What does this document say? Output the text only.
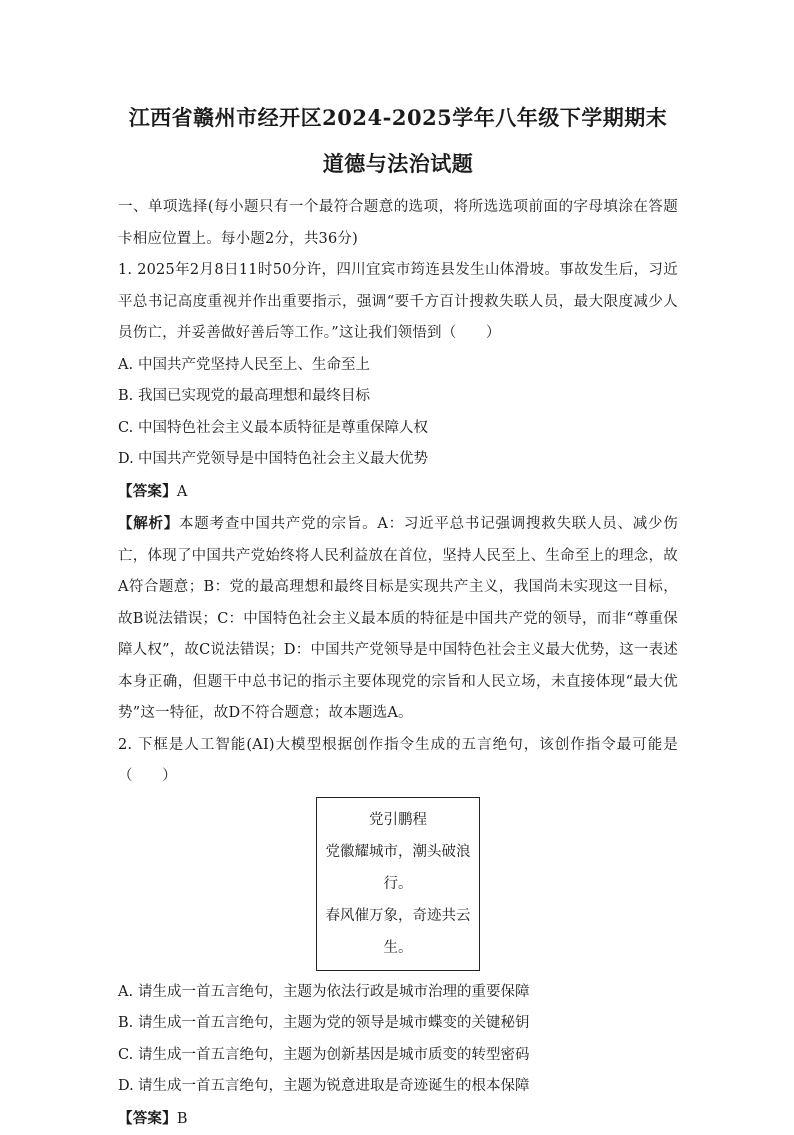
江西省赣州市经开区2024-2025学年八年级下学期期末
道德与法治试题

一、单项选择(每小题只有一个最符合题意的选项，将所选选项前面的字母填涂在答题卡相应位置上。每小题2分，共36分)

1. 2025年2月8日11时50分许，四川宜宾市筠连县发生山体滑坡。事故发生后，习近平总书记高度重视并作出重要指示，强调“要千方百计搜救失联人员，最大限度减少人员伤亡，并妥善做好善后等工作。”这让我们领悟到（　　）

A. 中国共产党坚持人民至上、生命至上

B. 我国已实现党的最高理想和最终目标

C. 中国特色社会主义最本质特征是尊重保障人权

D. 中国共产党领导是中国特色社会主义最大优势

【答案】A

【解析】本题考查中国共产党的宗旨。A：习近平总书记强调搜救失联人员、减少伤亡，体现了中国共产党始终将人民利益放在首位，坚持人民至上、生命至上的理念，故A符合题意；B：党的最高理想和最终目标是实现共产主义，我国尚未实现这一目标，故B说法错误；C：中国特色社会主义最本质的特征是中国共产党的领导，而非“尊重保障人权”，故C说法错误；D：中国共产党领导是中国特色社会主义最大优势，这一表述本身正确，但题干中总书记的指示主要体现党的宗旨和人民立场，未直接体现“最大优势”这一特征，故D不符合题意；故本题选A。

2. 下框是人工智能(AI)大模型根据创作指令生成的五言绝句，该创作指令最可能是（　　）

党引鹏程

党徽耀城市，潮头破浪行。

春风催万象，奇迹共云生。

A. 请生成一首五言绝句，主题为依法行政是城市治理的重要保障

B. 请生成一首五言绝句，主题为党的领导是城市蝶变的关键秘钥

C. 请生成一首五言绝句，主题为创新基因是城市质变的转型密码

D. 请生成一首五言绝句，主题为锐意进取是奇迹诞生的根本保障

【答案】B
